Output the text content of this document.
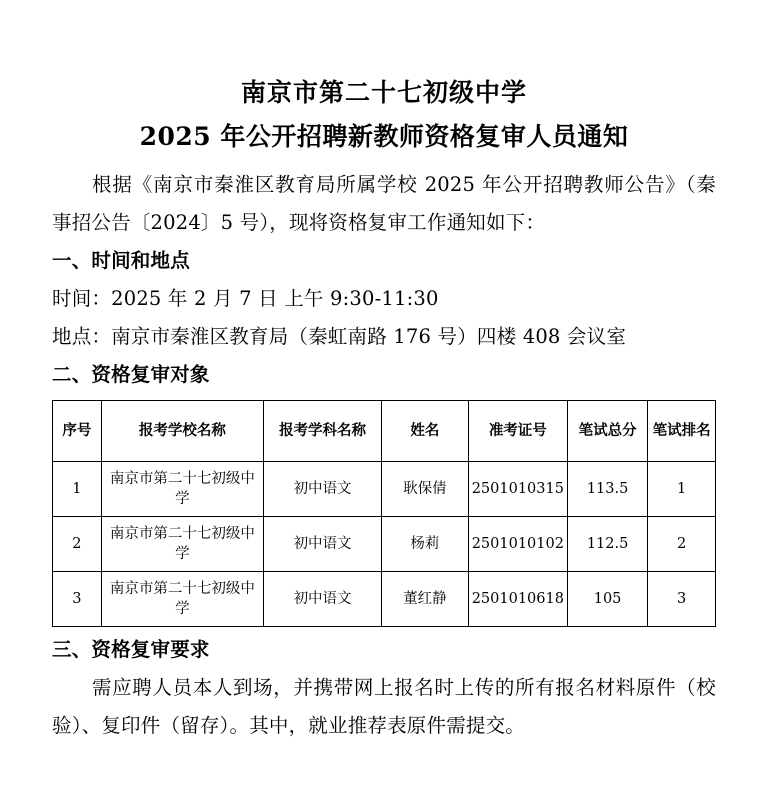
南京市第二十七初级中学
2025 年公开招聘新教师资格复审人员通知

根据《南京市秦淮区教育局所属学校 2025 年公开招聘教师公告》（秦事招公告〔2024〕5 号），现将资格复审工作通知如下：

一、时间和地点

时间：2025 年 2 月 7 日 上午 9:30-11:30

地点：南京市秦淮区教育局（秦虹南路 176 号）四楼 408 会议室

二、资格复审对象

序号	报考学校名称	报考学科名称	姓名	准考证号	笔试总分	笔试排名
1	南京市第二十七初级中学	初中语文	耿保倩	2501010315	113.5	1
2	南京市第二十七初级中学	初中语文	杨莉	2501010102	112.5	2
3	南京市第二十七初级中学	初中语文	董红静	2501010618	105	3

三、资格复审要求

需应聘人员本人到场，并携带网上报名时上传的所有报名材料原件（校验）、复印件（留存）。其中，就业推荐表原件需提交。
